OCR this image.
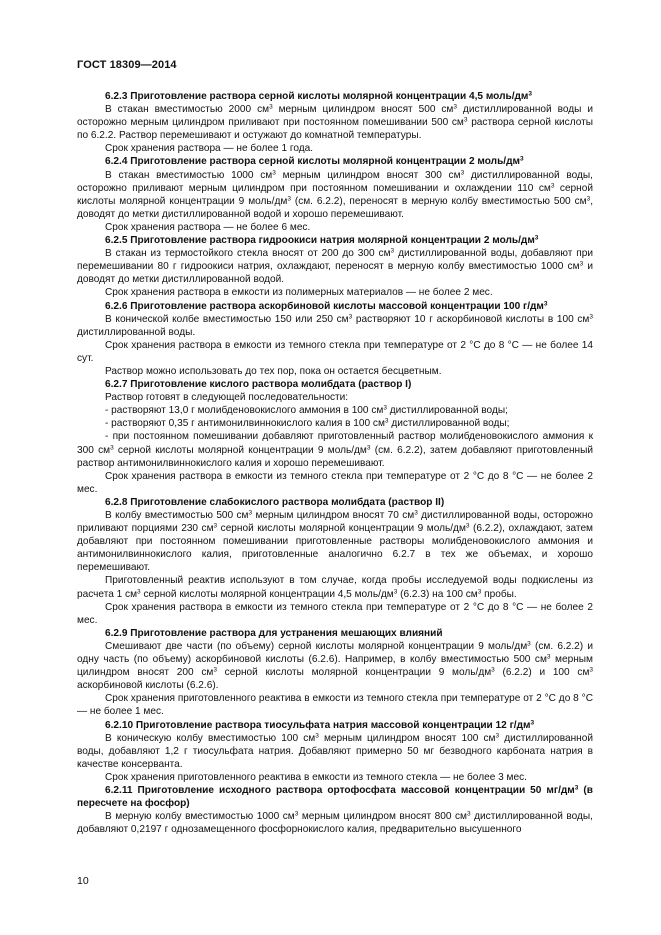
ГОСТ 18309—2014

6.2.3 Приготовление раствора серной кислоты молярной концентрации 4,5 моль/$дм^3$

В стакан вместимостью 2000 $см^3$ мерным цилиндром вносят 500 $см^3$ дистиллированной воды и осторожно мерным цилиндром приливают при постоянном помешивании 500 $см^3$ раствора серной кислоты по 6.2.2. Раствор перемешивают и остужают до комнатной температуры.

Срок хранения раствора — не более 1 года.

6.2.4 Приготовление раствора серной кислоты молярной концентрации 2 моль/$дм^3$

В стакан вместимостью 1000 $см^3$ мерным цилиндром вносят 300 $см^3$ дистиллированной воды, осторожно приливают мерным цилиндром при постоянном помешивании и охлаждении 110 $см^3$ серной кислоты молярной концентрации 9 моль/$дм^3$ (см. 6.2.2), переносят в мерную колбу вместимостью 500 $см^3$, доводят до метки дистиллированной водой и хорошо перемешивают.

Срок хранения раствора — не более 6 мес.

6.2.5 Приготовление раствора гидроокиси натрия молярной концентрации 2 моль/$дм^3$

В стакан из термостойкого стекла вносят от 200 до 300 $см^3$ дистиллированной воды, добавляют при перемешивании 80 г гидроокиси натрия, охлаждают, переносят в мерную колбу вместимостью 1000 $см^3$ и доводят до метки дистиллированной водой.

Срок хранения раствора в емкости из полимерных материалов — не более 2 мес.

6.2.6 Приготовление раствора аскорбиновой кислоты массовой концентрации 100 $г/дм^3$

В конической колбе вместимостью 150 или 250 $см^3$ растворяют 10 г аскорбиновой кислоты в 100 $см^3$ дистиллированной воды.

Срок хранения раствора в емкости из темного стекла при температуре от 2 °С до 8 °С — не более 14 сут.

Раствор можно использовать до тех пор, пока он остается бесцветным.

6.2.7 Приготовление кислого раствора молибдата (раствор I)

Раствор готовят в следующей последовательности:

- растворяют 13,0 г молибденовокислого аммония в 100 $см^3$ дистиллированной воды;

- растворяют 0,35 г антимонилвиннокислого калия в 100 $см^3$ дистиллированной воды;

- при постоянном помешивании добавляют приготовленный раствор молибденовокислого аммония к 300 $см^3$ серной кислоты молярной концентрации 9 моль/$дм^3$ (см. 6.2.2), затем добавляют приготовленный раствор антимонилвиннокислого калия и хорошо перемешивают.

Срок хранения раствора в емкости из темного стекла при температуре от 2 °С до 8 °С — не более 2 мес.

6.2.8 Приготовление слабокислого раствора молибдата (раствор II)

В колбу вместимостью 500 $см^3$ мерным цилиндром вносят 70 $см^3$ дистиллированной воды, осторожно приливают порциями 230 $см^3$ серной кислоты молярной концентрации 9 моль/$дм^3$ (6.2.2), охлаждают, затем добавляют при постоянном помешивании приготовленные растворы молибденовокислого аммония и антимонилвиннокислого калия, приготовленные аналогично 6.2.7 в тех же объемах, и хорошо перемешивают.

Приготовленный реактив используют в том случае, когда пробы исследуемой воды подкислены из расчета 1 $см^3$ серной кислоты молярной концентрации 4,5 моль/$дм^3$ (6.2.3) на 100 $см^3$ пробы.

Срок хранения раствора в емкости из темного стекла при температуре от 2 °С до 8 °С — не более 2 мес.

6.2.9 Приготовление раствора для устранения мешающих влияний

Смешивают две части (по объему) серной кислоты молярной концентрации 9 моль/$дм^3$ (см. 6.2.2) и одну часть (по объему) аскорбиновой кислоты (6.2.6). Например, в колбу вместимостью 500 $см^3$ мерным цилиндром вносят 200 $см^3$ серной кислоты молярной концентрации 9 моль/$дм^3$ (6.2.2) и 100 $см^3$ аскорбиновой кислоты (6.2.6).

Срок хранения приготовленного реактива в емкости из темного стекла при температуре от 2 °С до 8 °С — не более 1 мес.

6.2.10 Приготовление раствора тиосульфата натрия массовой концентрации 12 $г/дм^3$

В коническую колбу вместимостью 100 $см^3$ мерным цилиндром вносят 100 $см^3$ дистиллированной воды, добавляют 1,2 г тиосульфата натрия. Добавляют примерно 50 мг безводного карбоната натрия в качестве консерванта.

Срок хранения приготовленного реактива в емкости из темного стекла — не более 3 мес.

6.2.11 Приготовление исходного раствора ортофосфата массовой концентрации 50 $мг/дм^3$ (в пересчете на фосфор)

В мерную колбу вместимостью 1000 $см^3$ мерным цилиндром вносят 800 $см^3$ дистиллированной воды, добавляют 0,2197 г однозамещенного фосфорнокислого калия, предварительно высушенного

10
